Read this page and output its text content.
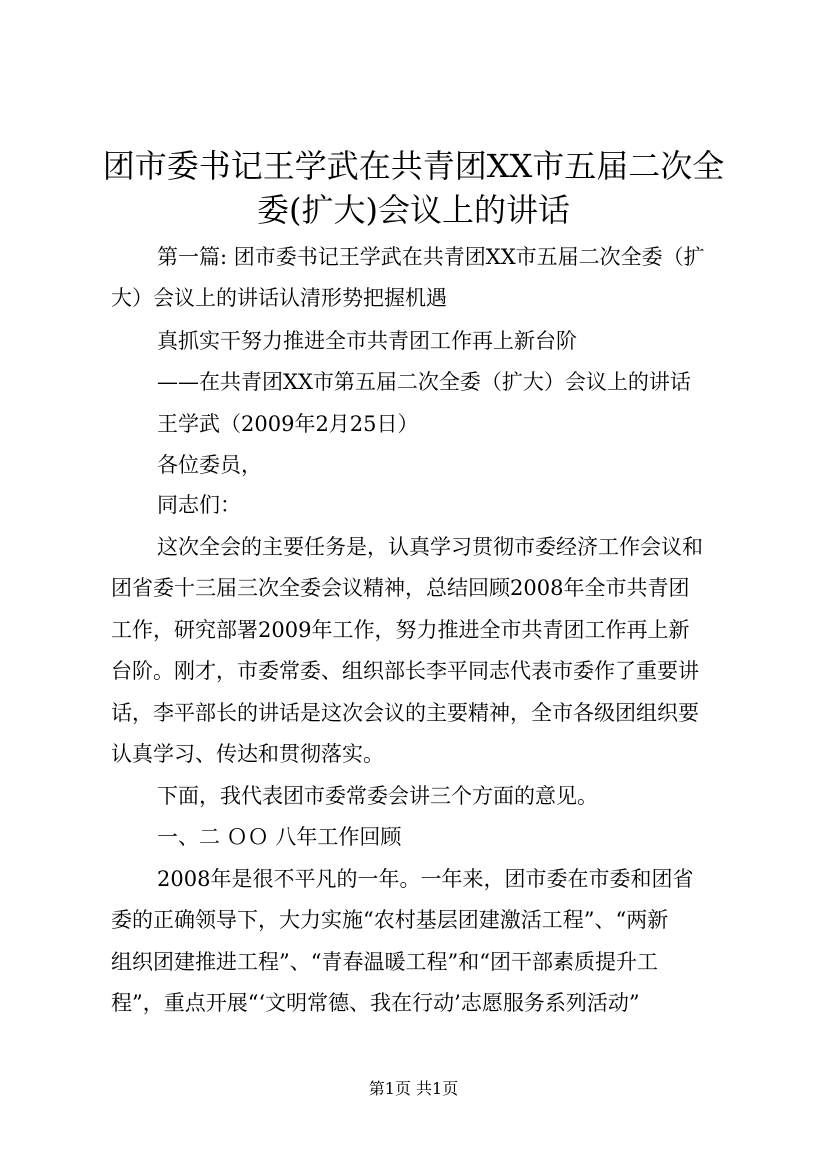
团市委书记王学武在共青团XX市五届二次全
委(扩大)会议上的讲话
第一篇: 团市委书记王学武在共青团XX市五届二次全委（扩
大）会议上的讲话认清形势把握机遇
真抓实干努力推进全市共青团工作再上新台阶
——在共青团XX市第五届二次全委（扩大）会议上的讲话
王学武（2009年2月25日）
各位委员，
同志们：
这次全会的主要任务是，认真学习贯彻市委经济工作会议和
团省委十三届三次全委会议精神，总结回顾2008年全市共青团
工作，研究部署2009年工作，努力推进全市共青团工作再上新
台阶。刚才，市委常委、组织部长李平同志代表市委作了重要讲
话，李平部长的讲话是这次会议的主要精神，全市各级团组织要
认真学习、传达和贯彻落实。
下面，我代表团市委常委会讲三个方面的意见。
一、二 ＯＯ 八年工作回顾
2008年是很不平凡的一年。一年来，团市委在市委和团省
委的正确领导下，大力实施“农村基层团建激活工程”、“两新
组织团建推进工程”、“青春温暖工程”和“团干部素质提升工
程”，重点开展“‘文明常德、我在行动’志愿服务系列活动”
第1页 共1页
